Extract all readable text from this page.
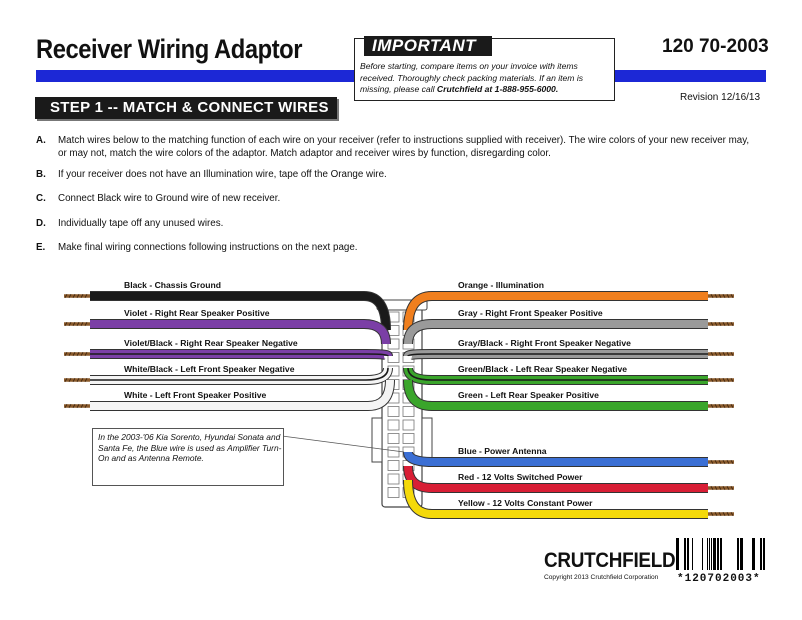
Receiver Wiring Adaptor	120 70-2003
IMPORTANT
Before starting, compare items on your invoice with items received. Thoroughly check packing materials. If an item is missing, please call Crutchfield at 1-888-955-6000.
Revision 12/16/13
STEP 1 -- MATCH & CONNECT WIRES
A. Match wires below to the matching function of each wire on your receiver (refer to instructions supplied with receiver). The wire colors of your new receiver may, or may not, match the wire colors of the adaptor. Match adaptor and receiver wires by function, disregarding color.
B. If your receiver does not have an Illumination wire, tape off the Orange wire.
C. Connect Black wire to Ground wire of new receiver.
D. Individually tape off any unused wires.
E. Make final wiring connections following instructions on the next page.
Black - Chassis Ground
Violet - Right Rear Speaker Positive
Violet/Black - Right Rear Speaker Negative
White/Black - Left Front Speaker Negative
White - Left Front Speaker Positive
Orange - Illumination
Gray - Right Front Speaker Positive
Gray/Black - Right Front Speaker Negative
Green/Black - Left Rear Speaker Negative
Green - Left Rear Speaker Positive
Blue - Power Antenna
Red - 12 Volts Switched Power
Yellow - 12 Volts Constant Power
In the 2003-'06 Kia Sorento, Hyundai Sonata and Santa Fe, the Blue wire is used as Amplifier Turn-On and as Antenna Remote.
CRUTCHFIELD
Copyright 2013 Crutchfield Corporation *120702003*
